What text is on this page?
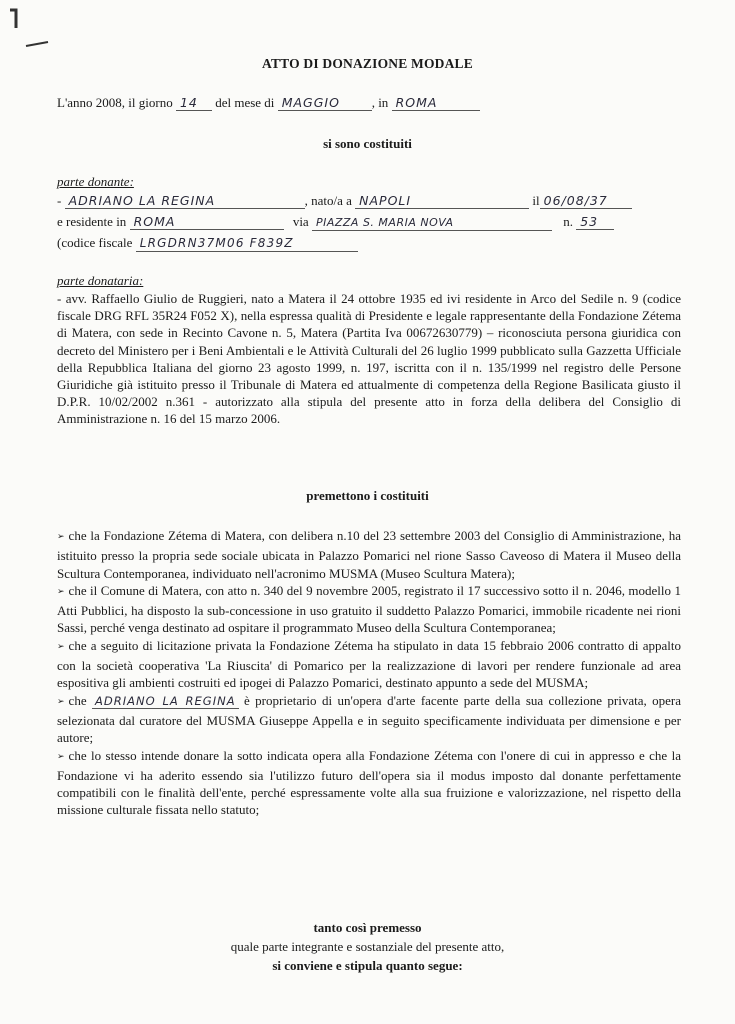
ATTO DI DONAZIONE MODALE
L'anno 2008, il giorno 14 del mese di MAGGIO , in ROMA
si sono costituiti
parte donante:
- ADRIANO LA REGINA	, nato/a a NAPOLI	il 06/08/37
e residente in ROMA	via PIAZZA S. MARIA NOVA	n. 53
(codice fiscale LRGDRN37M06 F839Z
parte donataria:
- avv. Raffaello Giulio de Ruggieri, nato a Matera il 24 ottobre 1935 ed ivi residente in Arco del Sedile n. 9 (codice fiscale DRG RFL 35R24 F052 X), nella espressa qualità di Presidente e legale rappresentante della Fondazione Zétema di Matera, con sede in Recinto Cavone n. 5, Matera (Partita Iva 00672630779) – riconosciuta persona giuridica con decreto del Ministero per i Beni Ambientali e le Attività Culturali del 26 luglio 1999 pubblicato sulla Gazzetta Ufficiale della Repubblica Italiana del giorno 23 agosto 1999, n. 197, iscritta con il n. 135/1999 nel registro delle Persone Giuridiche già istituito presso il Tribunale di Matera ed attualmente di competenza della Regione Basilicata giusto il D.P.R. 10/02/2002 n.361 - autorizzato alla stipula del presente atto in forza della delibera del Consiglio di Amministrazione n. 16 del 15 marzo 2006.
premettono i costituiti
➢ che la Fondazione Zétema di Matera, con delibera n.10 del 23 settembre 2003 del Consiglio di Amministrazione, ha istituito presso la propria sede sociale ubicata in Palazzo Pomarici nel rione Sasso Caveoso di Matera il Museo della Scultura Contemporanea, individuato nell'acronimo MUSMA (Museo Scultura Matera);
➢ che il Comune di Matera, con atto n. 340 del 9 novembre 2005, registrato il 17 successivo sotto il n. 2046, modello 1 Atti Pubblici, ha disposto la sub-concessione in uso gratuito il suddetto Palazzo Pomarici, immobile ricadente nei rioni Sassi, perché venga destinato ad ospitare il programmato Museo della Scultura Contemporanea;
➢ che a seguito di licitazione privata la Fondazione Zétema ha stipulato in data 15 febbraio 2006 contratto di appalto con la società cooperativa 'La Riuscita' di Pomarico per la realizzazione di lavori per rendere funzionale ad area espositiva gli ambienti costruiti ed ipogei di Palazzo Pomarici, destinato appunto a sede del MUSMA;
➢ che ADRIANO LA REGINA è proprietario di un'opera d'arte facente parte della sua collezione privata, opera selezionata dal curatore del MUSMA Giuseppe Appella e in seguito specificamente individuata per dimensione e per autore;
➢ che lo stesso intende donare la sotto indicata opera alla Fondazione Zétema con l'onere di cui in appresso e che la Fondazione vi ha aderito essendo sia l'utilizzo futuro dell'opera sia il modus imposto dal donante perfettamente compatibili con le finalità dell'ente, perché espressamente volte alla sua fruizione e valorizzazione, nel rispetto della missione culturale fissata nello statuto;
tanto così premesso
quale parte integrante e sostanziale del presente atto,
si conviene e stipula quanto segue:
